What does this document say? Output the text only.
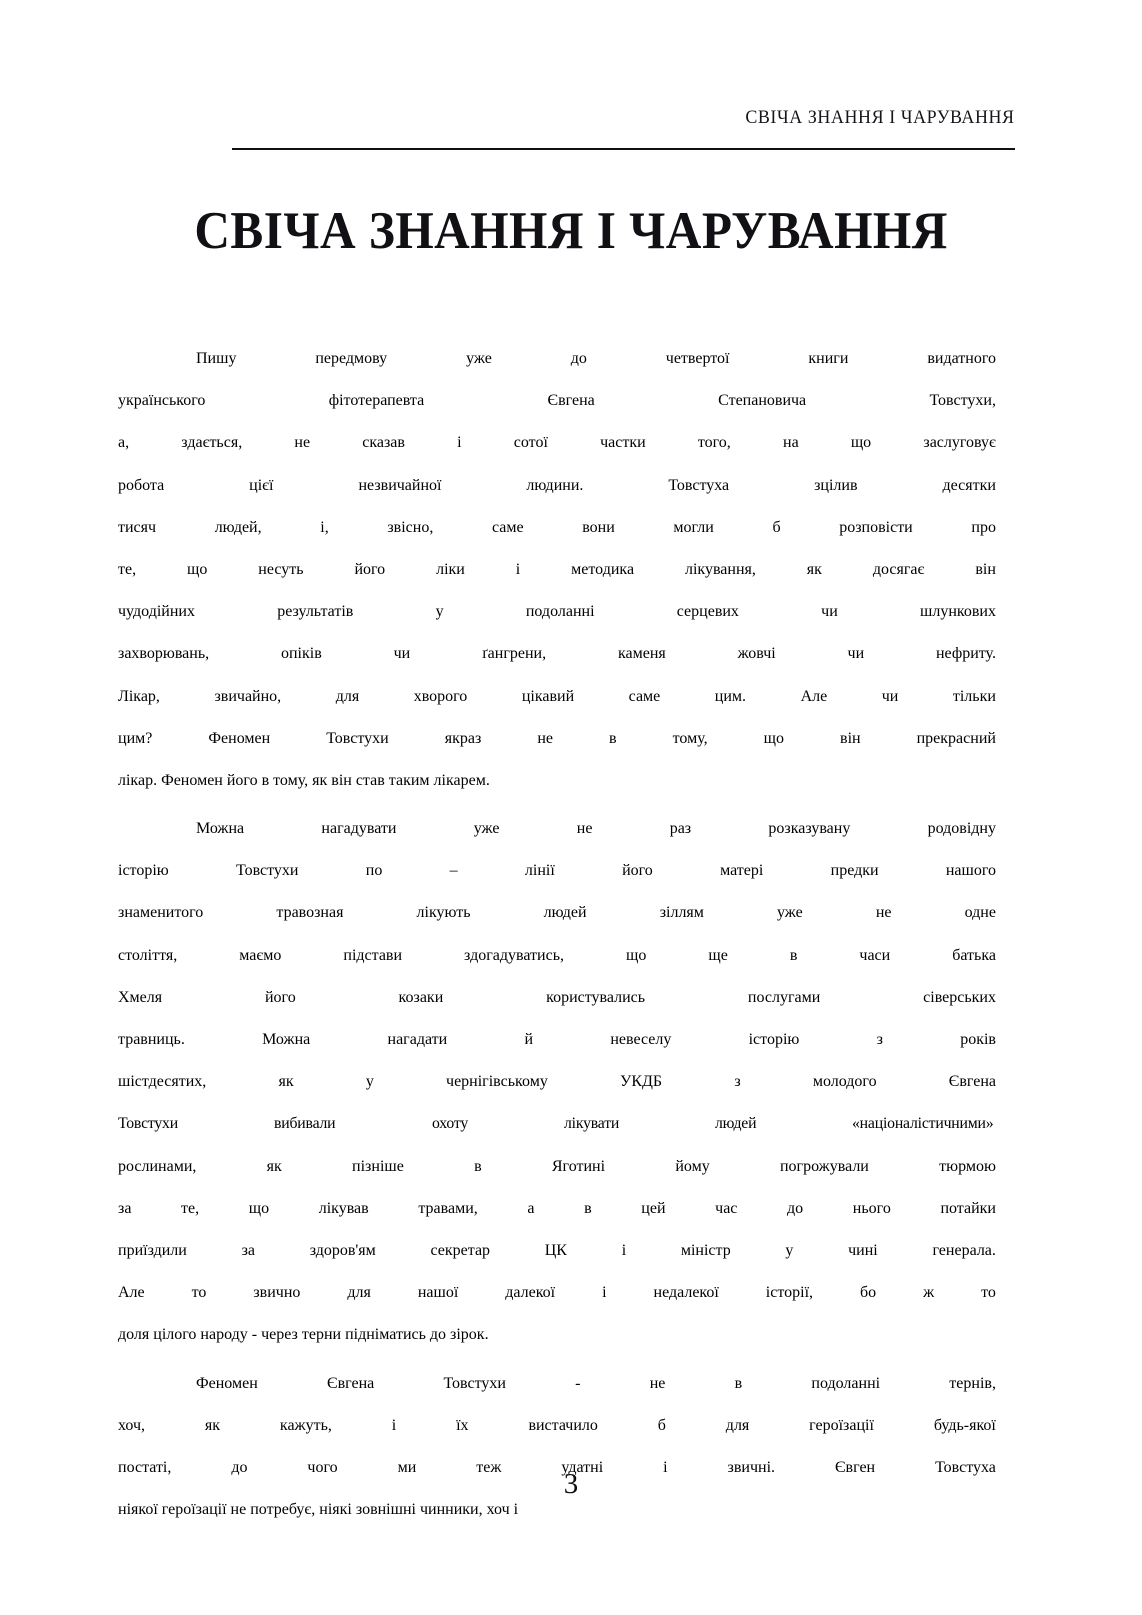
СВІЧА ЗНАННЯ І ЧАРУВАННЯ
СВІЧА ЗНАННЯ І ЧАРУВАННЯ
Пишу	передмову	уже	до	четвертої	книги	видатного
українського	фітотерапевта	Євгена	Степановича	Товстухи,
а,	здається,	не	сказав	і	сотої	частки	того,	на	що	заслуговує
робота	цієї	незвичайної	людини.	Товстуха	зцілив	десятки
тисяч	людей,	і,	звісно,	саме	вони	могли	б	розповісти	про
те,	що	несуть	його	ліки	і	методика	лікування,	як	досягає	він
чудодійних	результатів	у	подоланні	серцевих	чи	шлункових
захворювань,	опіків	чи	ґангрени,	каменя	жовчі	чи	нефриту.
Лікар,	звичайно,	для	хворого	цікавий	саме	цим.	Але	чи	тільки
цим?	Феномен	Товстухи	якраз	не	в	тому,	що	він	прекрасний
лікар. Феномен його в тому, як він став таким лікарем.
Можна	нагадувати	уже	не	раз	розказувану	родовідну
історію	Товстухи	по	–	лінії	його	матері	предки	нашого
знаменитого	травозная	лікують	людей	зіллям	уже	не	одне
століття,	маємо	підстави	здогадуватись,	що	ще	в	часи	батька
Хмеля	його	козаки	користувались	послугами	сіверських
травниць.	Можна	нагадати	й	невеселу	історію	з	років
шістдесятих,	як	у	чернігівському	УКДБ	з	молодого	Євгена
Товстухи	вибивали	охоту	лікувати	людей	«націоналістичними»
рослинами,	як	пізніше	в	Яготині	йому	погрожували	тюрмою
за	те,	що	лікував	травами,	а	в	цей	час	до	нього	потайки
приїздили	за	здоров'ям	секретар	ЦК	і	міністр	у	чині	генерала.
Але	то	звично	для	нашої	далекої	і	недалекої	історії,	бо	ж	то
доля цілого народу - через терни підніматись до зірок.
Феномен	Євгена	Товстухи	-	не	в	подоланні	тернів,
хоч,	як	кажуть,	і	їх	вистачило	б	для	героїзації	будь-якої
постаті,	до	чого	ми	теж	удатні	і	звичні.	Євген	Товстуха
ніякої героїзації не потребує, ніякі зовнішні чинники, хоч і
3
